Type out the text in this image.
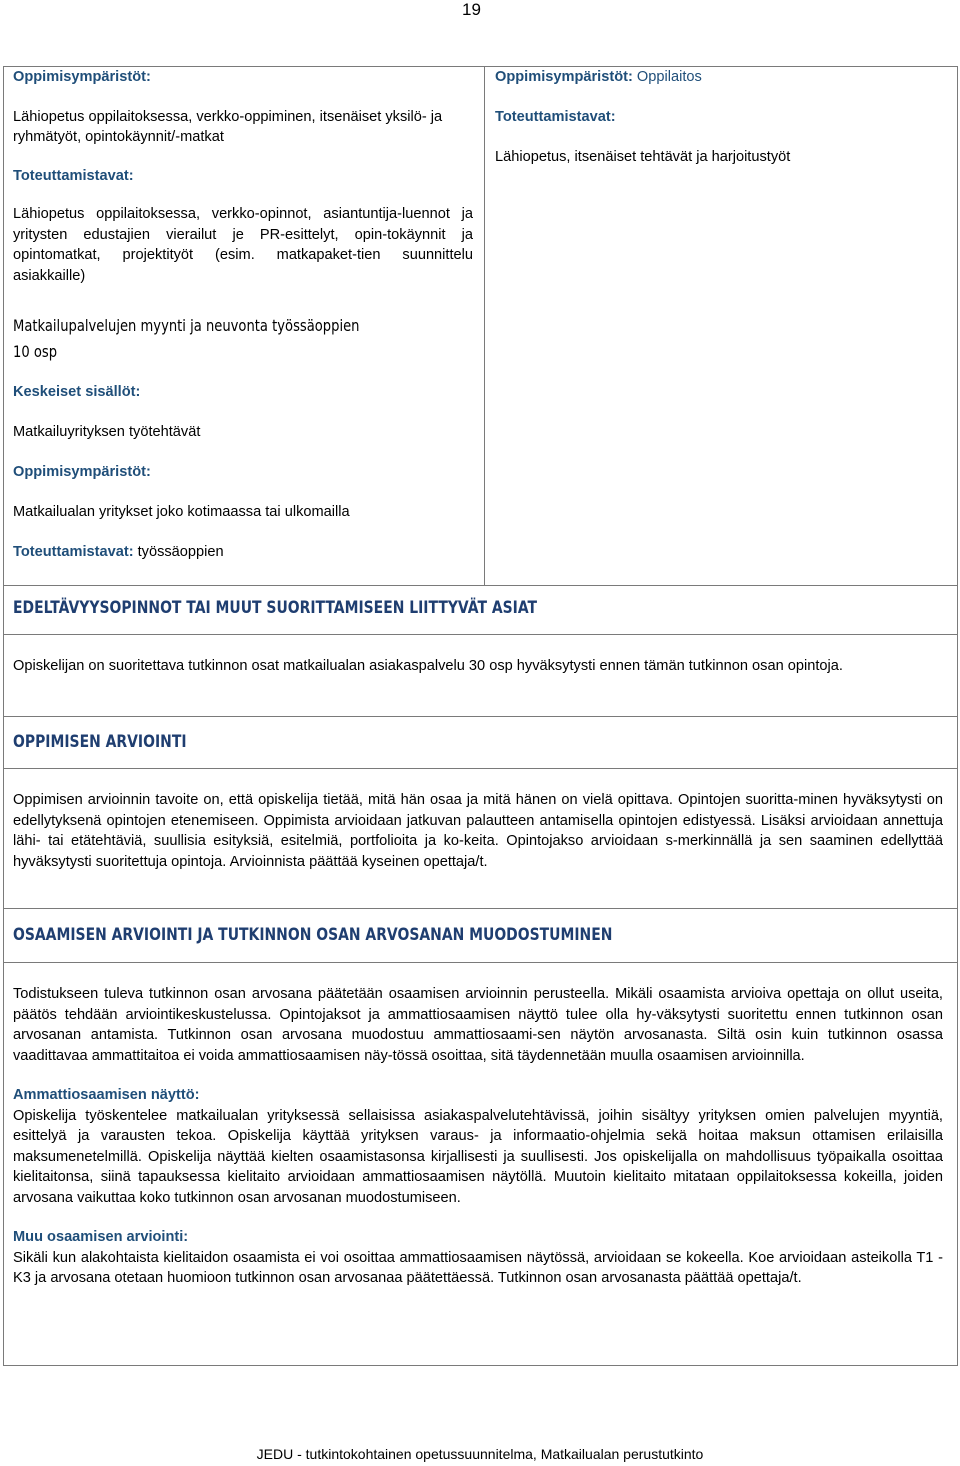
19

Oppimisympäristöt:

Lähiopetus oppilaitoksessa, verkko-oppiminen, itsenäiset yksilö- ja ryhmätyöt, opintokäynnit/-matkat

Toteuttamistavat:

Lähiopetus oppilaitoksessa, verkko-opinnot, asiantuntija-luennot ja yritysten edustajien vierailut je PR-esittelyt, opin-tokäynnit ja opintomatkat, projektityöt (esim. matkapaket-tien suunnittelu asiakkaille)

Matkailupalvelujen myynti ja neuvonta työssäoppien
10 osp

Keskeiset sisällöt:

Matkailuyrityksen työtehtävät

Oppimisympäristöt:

Matkailualan yritykset joko kotimaassa tai ulkomailla

Toteuttamistavat: työssäoppien

Oppimisympäristöt: Oppilaitos

Toteuttamistavat:

Lähiopetus, itsenäiset tehtävät ja harjoitustyöt

EDELTÄVYYSOPINNOT TAI MUUT SUORITTAMISEEN LIITTYVÄT ASIAT
Opiskelijan on suoritettava tutkinnon osat matkailualan asiakaspalvelu 30 osp hyväksytysti ennen tämän tutkinnon osan opintoja.
OPPIMISEN ARVIOINTI
Oppimisen arvioinnin tavoite on, että opiskelija tietää, mitä hän osaa ja mitä hänen on vielä opittava. Opintojen suoritta-minen hyväksytysti on edellytyksenä opintojen etenemiseen. Oppimista arvioidaan jatkuvan palautteen antamisella opintojen edistyessä. Lisäksi arvioidaan annettuja lähi- tai etätehtäviä, suullisia esityksiä, esitelmiä, portfolioita ja ko-keita. Opintojakso arvioidaan s-merkinnällä ja sen saaminen edellyttää hyväksytysti suoritettuja opintoja. Arvioinnista päättää kyseinen opettaja/t.
OSAAMISEN ARVIOINTI JA TUTKINNON OSAN ARVOSANAN MUODOSTUMINEN

Todistukseen tuleva tutkinnon osan arvosana päätetään osaamisen arvioinnin perusteella. Mikäli osaamista arvioiva opettaja on ollut useita, päätös tehdään arviointikeskustelussa. Opintojaksot ja ammattiosaamisen näyttö tulee olla hy-väksytysti suoritettu ennen tutkinnon osan arvosanan antamista. Tutkinnon osan arvosana muodostuu ammattiosaami-sen näytön arvosanasta. Siltä osin kuin tutkinnon osassa vaadittavaa ammattitaitoa ei voida ammattiosaamisen näy-tössä osoittaa, sitä täydennetään muulla osaamisen arvioinnilla.

Ammattiosaamisen näyttö:

Opiskelija työskentelee matkailualan yrityksessä sellaisissa asiakaspalvelutehtävissä, joihin sisältyy yrityksen omien palvelujen myyntiä, esittelyä ja varausten tekoa. Opiskelija käyttää yrityksen varaus- ja informaatio-ohjelmia sekä hoitaa maksun ottamisen erilaisilla maksumenetelmillä. Opiskelija näyttää kielten osaamistasonsa kirjallisesti ja suullisesti. Jos opiskelijalla on mahdollisuus työpaikalla osoittaa kielitaitonsa, siinä tapauksessa kielitaito arvioidaan ammattiosaamisen näytöllä. Muutoin kielitaito mitataan oppilaitoksessa kokeilla, joiden arvosana vaikuttaa koko tutkinnon osan arvosanan muodostumiseen.

Muu osaamisen arviointi:

Sikäli kun alakohtaista kielitaidon osaamista ei voi osoittaa ammattiosaamisen näytössä, arvioidaan se kokeella. Koe arvioidaan asteikolla T1 - K3 ja arvosana otetaan huomioon tutkinnon osan arvosanaa päätettäessä. Tutkinnon osan arvosanasta päättää opettaja/t.

JEDU - tutkintokohtainen opetussuunnitelma, Matkailualan perustutkinto
